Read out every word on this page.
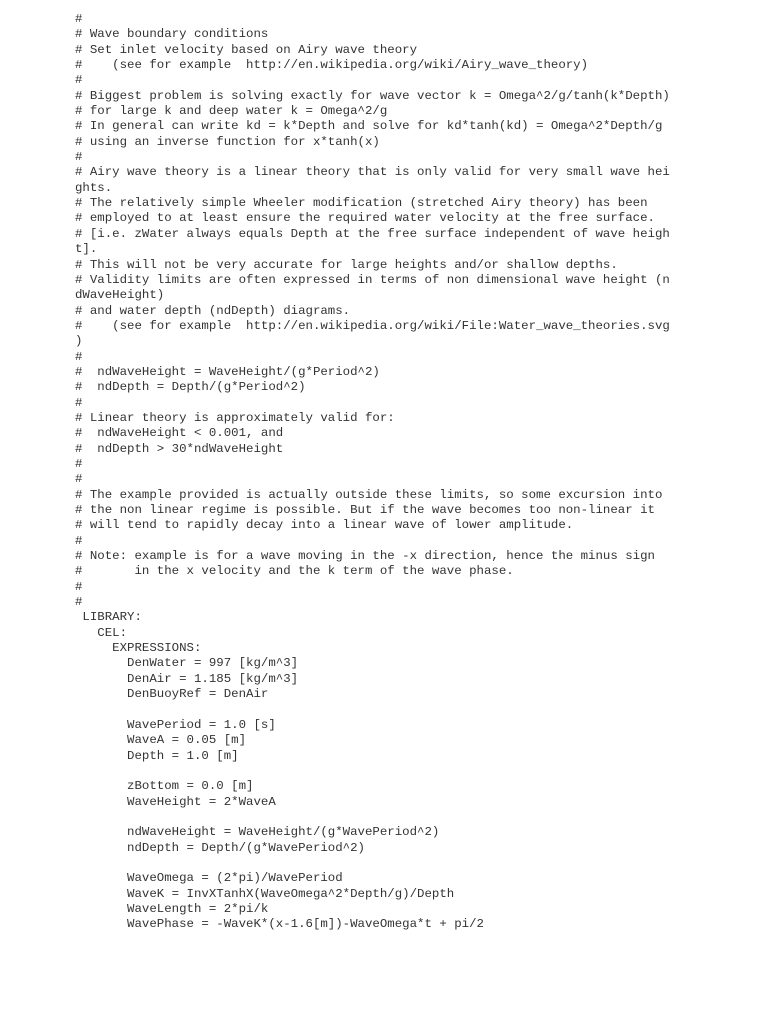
#
# Wave boundary conditions
# Set inlet velocity based on Airy wave theory
#    (see for example  http://en.wikipedia.org/wiki/Airy_wave_theory)
#
# Biggest problem is solving exactly for wave vector k = Omega^2/g/tanh(k*Depth)
# for large k and deep water k = Omega^2/g
# In general can write kd = k*Depth and solve for kd*tanh(kd) = Omega^2*Depth/g
# using an inverse function for x*tanh(x)
#
# Airy wave theory is a linear theory that is only valid for very small wave hei
ghts.
# The relatively simple Wheeler modification (stretched Airy theory) has been
# employed to at least ensure the required water velocity at the free surface.
# [i.e. zWater always equals Depth at the free surface independent of wave heigh
t].
# This will not be very accurate for large heights and/or shallow depths.
# Validity limits are often expressed in terms of non dimensional wave height (n
dWaveHeight)
# and water depth (ndDepth) diagrams.
#    (see for example  http://en.wikipedia.org/wiki/File:Water_wave_theories.svg
)
#
#  ndWaveHeight = WaveHeight/(g*Period^2)
#  ndDepth = Depth/(g*Period^2)
#
# Linear theory is approximately valid for:
#  ndWaveHeight < 0.001, and
#  ndDepth > 30*ndWaveHeight
#
#
# The example provided is actually outside these limits, so some excursion into
# the non linear regime is possible. But if the wave becomes too non-linear it
# will tend to rapidly decay into a linear wave of lower amplitude.
#
# Note: example is for a wave moving in the -x direction, hence the minus sign
#       in the x velocity and the k term of the wave phase.
#
#
LIBRARY:
CEL:
EXPRESSIONS:
DenWater = 997 [kg/m^3]
DenAir = 1.185 [kg/m^3]
DenBuoyRef = DenAir
WavePeriod = 1.0 [s]
WaveA = 0.05 [m]
Depth = 1.0 [m]
zBottom = 0.0 [m]
WaveHeight = 2*WaveA
ndWaveHeight = WaveHeight/(g*WavePeriod^2)
ndDepth = Depth/(g*WavePeriod^2)
WaveOmega = (2*pi)/WavePeriod
WaveK = InvXTanhX(WaveOmega^2*Depth/g)/Depth
WaveLength = 2*pi/k
WavePhase = -WaveK*(x-1.6[m])-WaveOmega*t + pi/2
